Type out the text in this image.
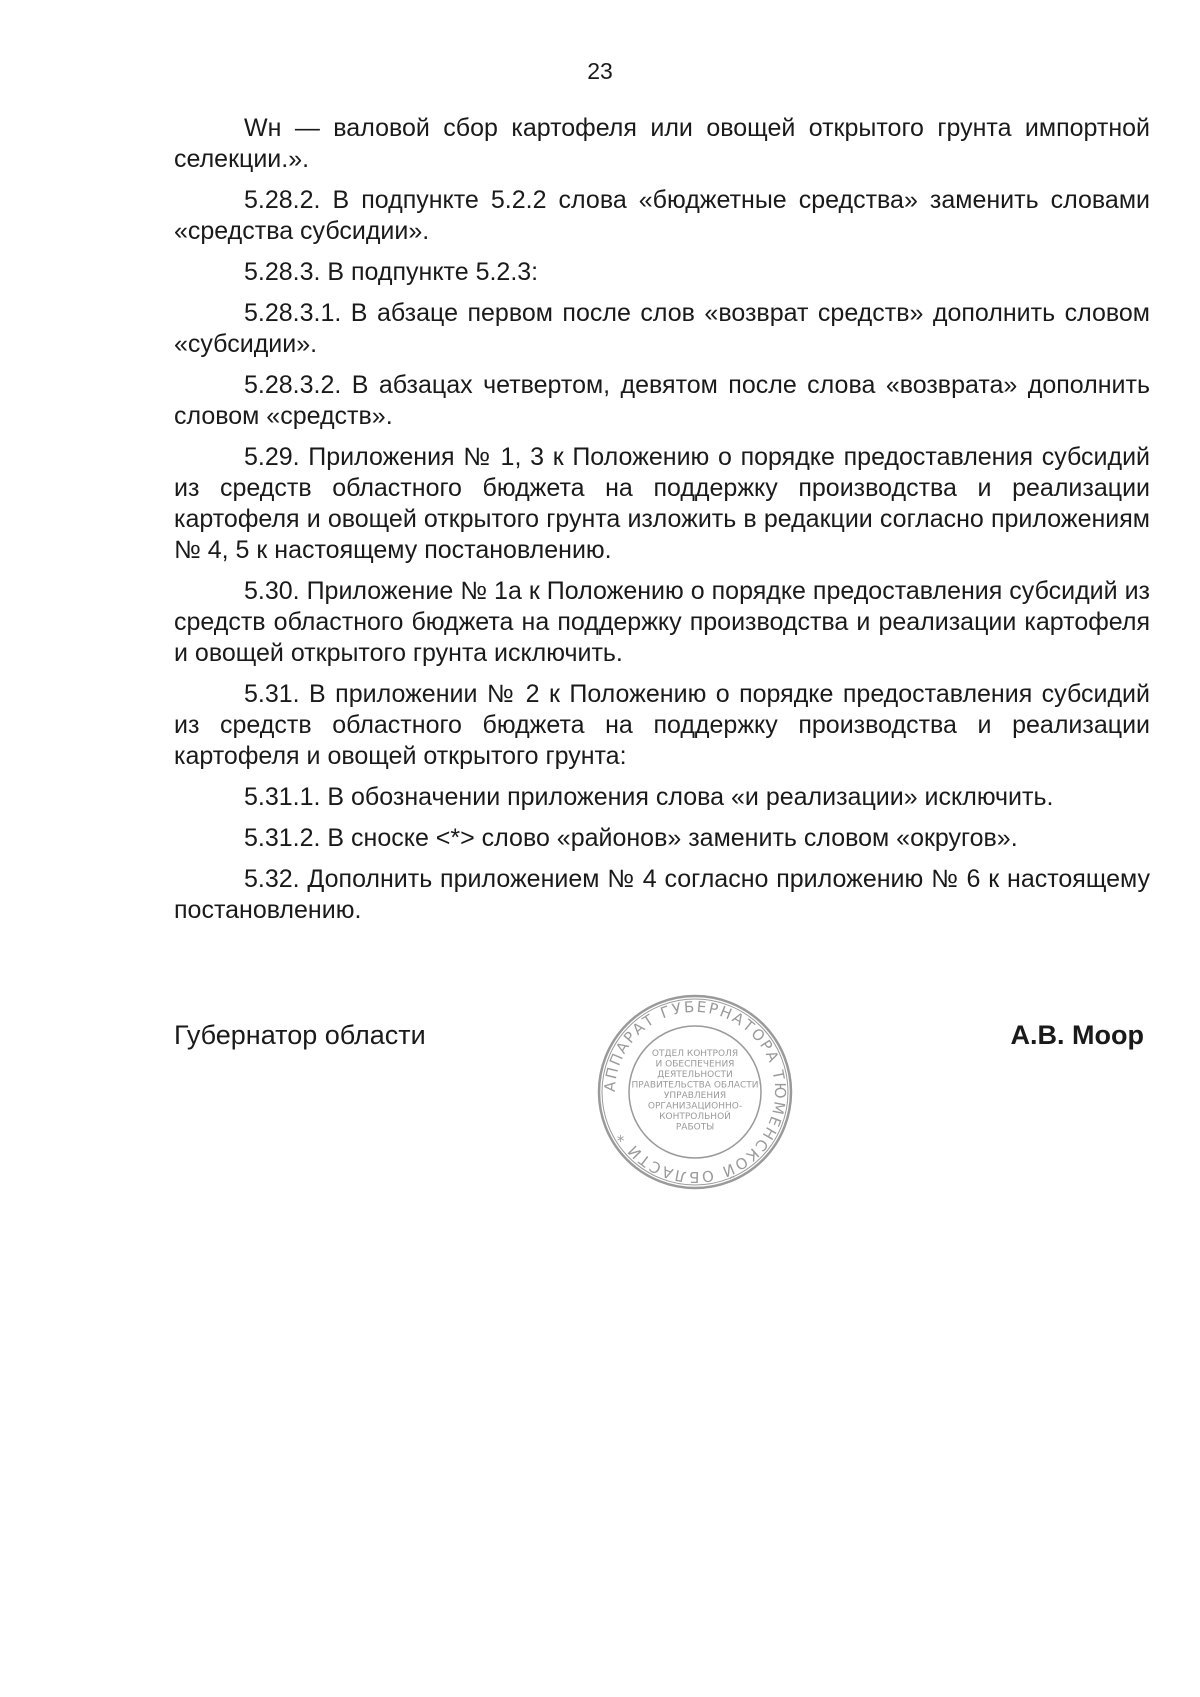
23

Wн — валовой сбор картофеля или овощей открытого грунта импортной селекции.».

5.28.2. В подпункте 5.2.2 слова «бюджетные средства» заменить словами «средства субсидии».

5.28.3. В подпункте 5.2.3:

5.28.3.1. В абзаце первом после слов «возврат средств» дополнить словом «субсидии».

5.28.3.2. В абзацах четвертом, девятом после слова «возврата» дополнить словом «средств».

5.29. Приложения № 1, 3 к Положению о порядке предоставления субсидий из средств областного бюджета на поддержку производства и реализации картофеля и овощей открытого грунта изложить в редакции согласно приложениям № 4, 5 к настоящему постановлению.

5.30. Приложение № 1а к Положению о порядке предоставления субсидий из средств областного бюджета на поддержку производства и реализации картофеля и овощей открытого грунта исключить.

5.31. В приложении № 2 к Положению о порядке предоставления субсидий из средств областного бюджета на поддержку производства и реализации картофеля и овощей открытого грунта:

5.31.1. В обозначении приложения слова «и реализации» исключить.

5.31.2. В сноске <*> слово «районов» заменить словом «округов».

5.32. Дополнить приложением № 4 согласно приложению № 6 к настоящему постановлению.

АППАРАТ ГУБЕРНАТОРА ТЮМЕНСКОЙ ОБЛАСТИ *
ОТДЕЛ КОНТРОЛЯ
И ОБЕСПЕЧЕНИЯ
ДЕЯТЕЛЬНОСТИ
ПРАВИТЕЛЬСТВА ОБЛАСТИ
УПРАВЛЕНИЯ
ОРГАНИЗАЦИОННО-
КОНТРОЛЬНОЙ
РАБОТЫ
Губернатор области	А.В. Моор
